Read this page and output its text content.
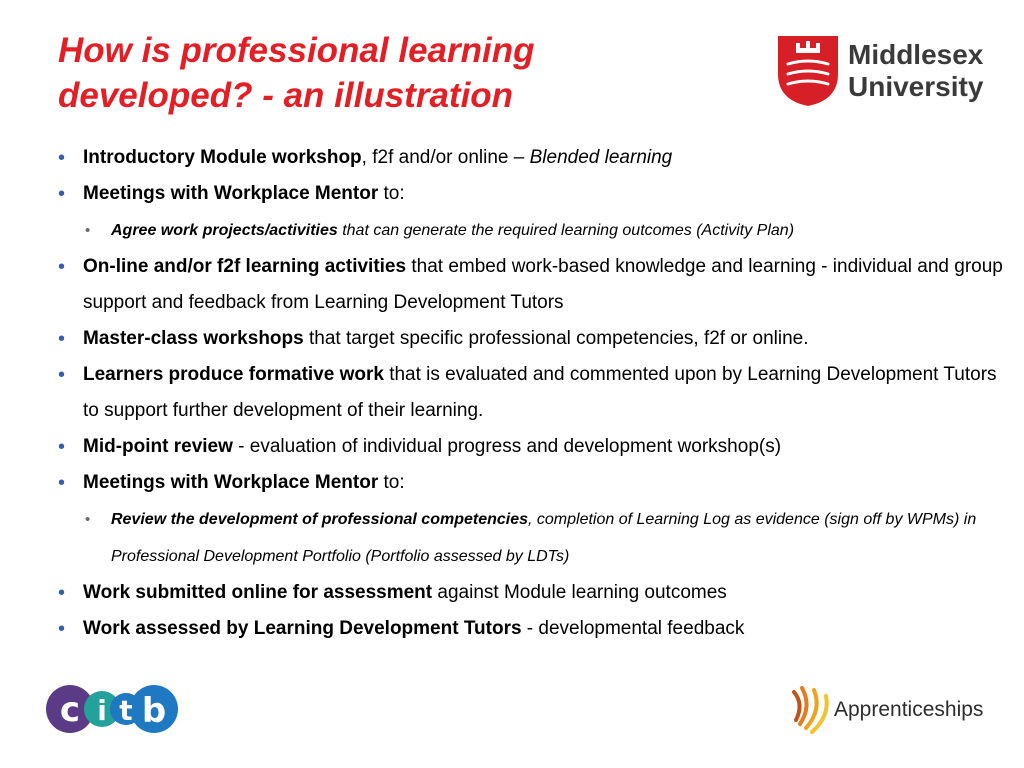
How is professional learning
developed? - an illustration
Middlesex
University
• Introductory Module workshop, f2f and/or online – Blended learning
• Meetings with Workplace Mentor to:
• Agree work projects/activities that can generate the required learning outcomes (Activity Plan)
• On-line and/or f2f learning activities that embed work-based knowledge and learning - individual and group support and feedback from Learning Development Tutors
• Master-class workshops that target specific professional competencies, f2f or online.
• Learners produce formative work that is evaluated and commented upon by Learning Development Tutors to support further development of their learning.
• Mid-point review - evaluation of individual progress and development workshop(s)
• Meetings with Workplace Mentor to:
• Review the development of professional competencies, completion of Learning Log as evidence (sign off by WPMs) in Professional Development Portfolio (Portfolio assessed by LDTs)
• Work submitted online for assessment against Module learning outcomes
• Work assessed by Learning Development Tutors - developmental feedback
c i t b	Apprenticeships
